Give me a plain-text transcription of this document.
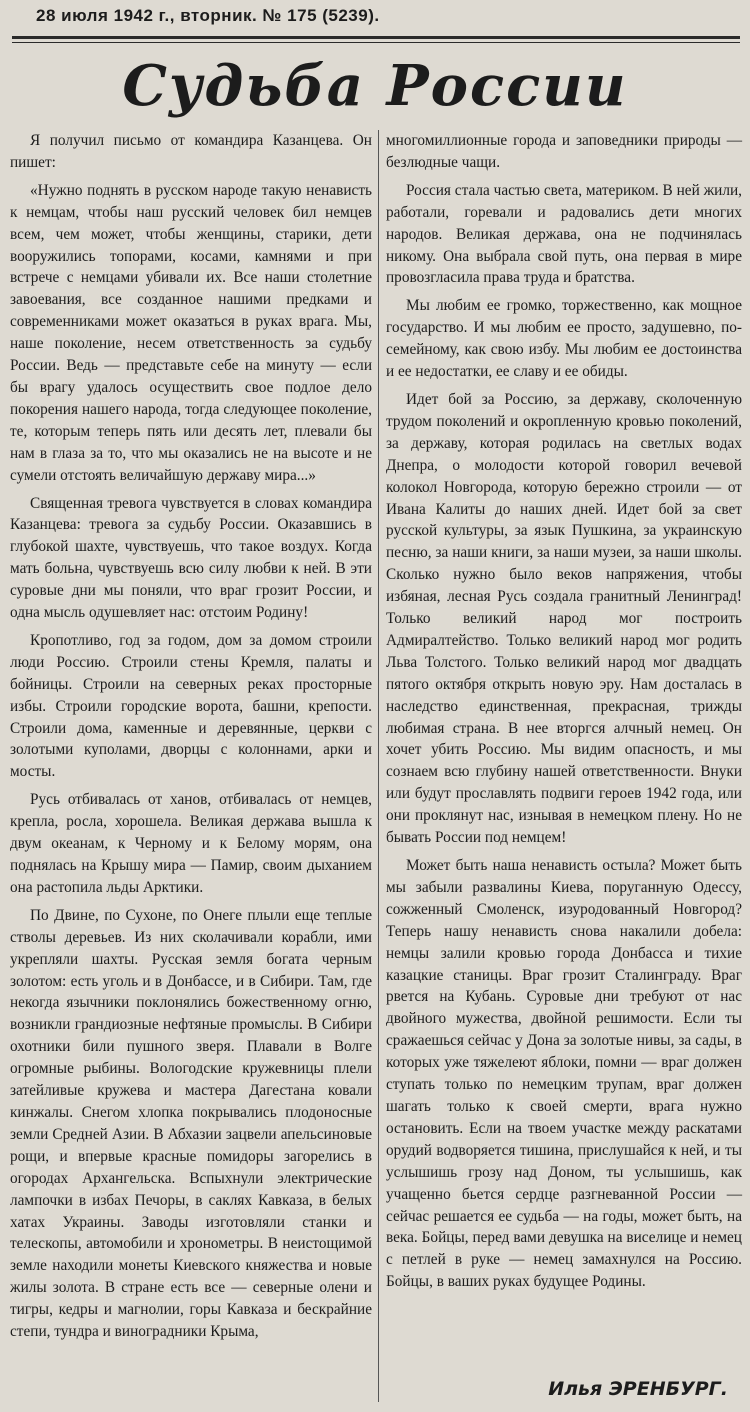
28 июля 1942 г., вторник. № 175 (5239).
Судьба России

Я получил письмо от командира Казанцева. Он пишет:

«Нужно поднять в русском народе такую ненависть к немцам, чтобы наш русский человек бил немцев всем, чем может, чтобы женщины, старики, дети вооружились топорами, косами, камнями и при встрече с немцами убивали их. Все наши столетние завоевания, все созданное нашими предками и современниками может оказаться в руках врага. Мы, наше поколение, несем ответственность за судьбу России. Ведь — представьте себе на минуту — если бы врагу удалось осуществить свое подлое дело покорения нашего народа, тогда следующее поколение, те, которым теперь пять или десять лет, плевали бы нам в глаза за то, что мы оказались не на высоте и не сумели отстоять величайшую державу мира...»

Священная тревога чувствуется в словах командира Казанцева: тревога за судьбу России. Оказавшись в глубокой шахте, чувствуешь, что такое воздух. Когда мать больна, чувствуешь всю силу любви к ней. В эти суровые дни мы поняли, что враг грозит России, и одна мысль одушевляет нас: отстоим Родину!

Кропотливо, год за годом, дом за домом строили люди Россию. Строили стены Кремля, палаты и бойницы. Строили на северных реках просторные избы. Строили городские ворота, башни, крепости. Строили дома, каменные и деревянные, церкви с золотыми куполами, дворцы с колоннами, арки и мосты.

Русь отбивалась от ханов, отбивалась от немцев, крепла, росла, хорошела. Великая держава вышла к двум океанам, к Черному и к Белому морям, она поднялась на Крышу мира — Памир, своим дыханием она растопила льды Арктики.

По Двине, по Сухоне, по Онеге плыли еще теплые стволы деревьев. Из них сколачивали корабли, ими укрепляли шахты. Русская земля богата черным золотом: есть уголь и в Донбассе, и в Сибири. Там, где некогда язычники поклонялись божественному огню, возникли грандиозные нефтяные промыслы. В Сибири охотники били пушного зверя. Плавали в Волге огромные рыбины. Вологодские кружевницы плели затейливые кружева и мастера Дагестана ковали кинжалы. Снегом хлопка покрывались плодоносные земли Средней Азии. В Абхазии зацвели апельсиновые рощи, и впервые красные помидоры загорелись в огородах Архангельска. Вспыхнули электрические лампочки в избах Печоры, в саклях Кавказа, в белых хатах Украины. Заводы изготовляли станки и телескопы, автомобили и хронометры. В неистощимой земле находили монеты Киевского княжества и новые жилы золота. В стране есть все — северные олени и тигры, кедры и магнолии, горы Кавказа и бескрайние степи, тундра и виноградники Крыма,

многомиллионные города и заповедники природы — безлюдные чащи.

Россия стала частью света, материком. В ней жили, работали, горевали и радовались дети многих народов. Великая держава, она не подчинялась никому. Она выбрала свой путь, она первая в мире провозгласила права труда и братства.

Мы любим ее громко, торжественно, как мощное государство. И мы любим ее просто, задушевно, по-семейному, как свою избу. Мы любим ее достоинства и ее недостатки, ее славу и ее обиды.

Идет бой за Россию, за державу, сколоченную трудом поколений и окропленную кровью поколений, за державу, которая родилась на светлых водах Днепра, о молодости которой говорил вечевой колокол Новгорода, которую бережно строили — от Ивана Калиты до наших дней. Идет бой за свет русской культуры, за язык Пушкина, за украинскую песню, за наши книги, за наши музеи, за наши школы. Сколько нужно было веков напряжения, чтобы избяная, лесная Русь создала гранитный Ленинград! Только великий народ мог построить Адмиралтейство. Только великий народ мог родить Льва Толстого. Только великий народ мог двадцать пятого октября открыть новую эру. Нам досталась в наследство единственная, прекрасная, трижды любимая страна. В нее вторгся алчный немец. Он хочет убить Россию. Мы видим опасность, и мы сознаем всю глубину нашей ответственности. Внуки или будут прославлять подвиги героев 1942 года, или они проклянут нас, изнывая в немецком плену. Но не бывать России под немцем!

Может быть наша ненависть остыла? Может быть мы забыли развалины Киева, поруганную Одессу, сожженный Смоленск, изуродованный Новгород? Теперь нашу ненависть снова накалили добела: немцы залили кровью города Донбасса и тихие казацкие станицы. Враг грозит Сталинграду. Враг рвется на Кубань. Суровые дни требуют от нас двойного мужества, двойной решимости. Если ты сражаешься сейчас у Дона за золотые нивы, за сады, в которых уже тяжелеют яблоки, помни — враг должен ступать только по немецким трупам, враг должен шагать только к своей смерти, врага нужно остановить. Если на твоем участке между раскатами орудий водворяется тишина, прислушайся к ней, и ты услышишь грозу над Доном, ты услышишь, как учащенно бьется сердце разгневанной России — сейчас решается ее судьба — на годы, может быть, на века. Бойцы, перед вами девушка на виселице и немец с петлей в руке — немец замахнулся на Россию. Бойцы, в ваших руках будущее Родины.

Илья ЭРЕНБУРГ.
